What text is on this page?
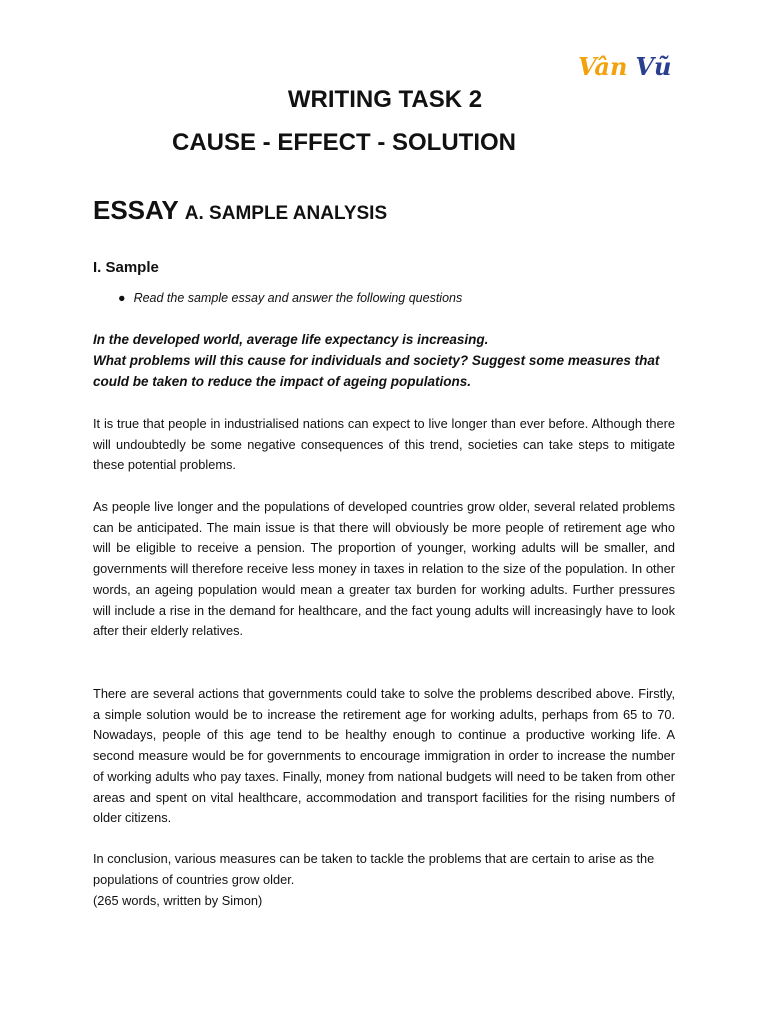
Vân Vũ
WRITING TASK 2
CAUSE - EFFECT - SOLUTION
ESSAY A. SAMPLE ANALYSIS
I. Sample
● Read the sample essay and answer the following questions

In the developed world, average life expectancy is increasing.

What problems will this cause for individuals and society? Suggest some measures that could be taken to reduce the impact of ageing populations.

It is true that people in industrialised nations can expect to live longer than ever before. Although there will undoubtedly be some negative consequences of this trend, societies can take steps to mitigate these potential problems.

As people live longer and the populations of developed countries grow older, several related problems can be anticipated. The main issue is that there will obviously be more people of retirement age who will be eligible to receive a pension. The proportion of younger, working adults will be smaller, and governments will therefore receive less money in taxes in relation to the size of the population. In other words, an ageing population would mean a greater tax burden for working adults. Further pressures will include a rise in the demand for healthcare, and the fact young adults will increasingly have to look after their elderly relatives.

There are several actions that governments could take to solve the problems described above. Firstly, a simple solution would be to increase the retirement age for working adults, perhaps from 65 to 70. Nowadays, people of this age tend to be healthy enough to continue a productive working life. A second measure would be for governments to encourage immigration in order to increase the number of working adults who pay taxes. Finally, money from national budgets will need to be taken from other areas and spent on vital healthcare, accommodation and transport facilities for the rising numbers of older citizens.

In conclusion, various measures can be taken to tackle the problems that are certain to arise as the populations of countries grow older.

(265 words, written by Simon)
